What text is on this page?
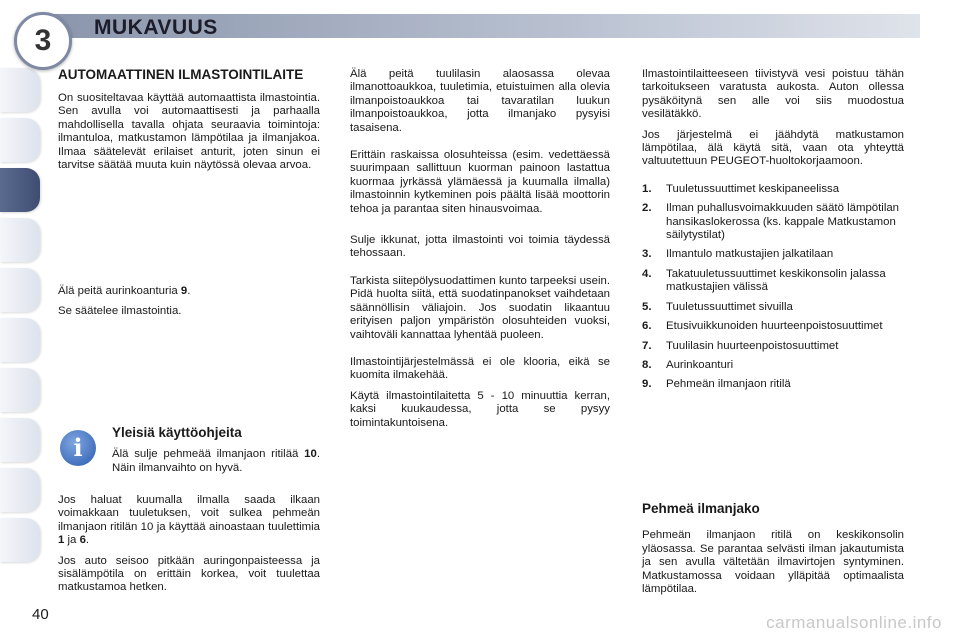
3	MUKAVUUS
AUTOMAATTINEN ILMASTOINTILAITE

On suositeltavaa käyttää automaattista ilmastointia. Sen avulla voi automaattisesti ja parhaalla mahdollisella tavalla ohjata seuraavia toimintoja: ilmantuloa, matkustamon lämpötilaa ja ilmanjakoa. Ilmaa säätelevät erilaiset anturit, joten sinun ei tarvitse säätää muuta kuin näytössä olevaa arvoa.

Älä peitä aurinkoanturia 9.

Se säätelee ilmastointia.

i
Yleisiä käyttöohjeita

Älä sulje pehmeää ilmanjaon ritilää 10. Näin ilmanvaihto on hyvä.

Jos haluat kuumalla ilmalla saada ilkaan voimakkaan tuuletuksen, voit sulkea pehmeän ilmanjaon ritilän 10 ja käyttää ainoastaan tuulettimia 1 ja 6.

Jos auto seisoo pitkään auringonpaisteessa ja sisälämpötila on erittäin korkea, voit tuulettaa matkustamoa hetken.

Älä peitä tuulilasin alaosassa olevaa ilmanottoaukkoa, tuuletimia, etuistuimen alla olevia ilmanpoistoaukkoa tai tavaratilan luukun ilmanpoistoaukkoa, jotta ilmanjako pysyisi tasaisena.

Erittäin raskaissa olosuhteissa (esim. vedettäessä suurimpaan sallittuun kuorman painoon lastattua kuormaa jyrkässä ylämäessä ja kuumalla ilmalla) ilmastoinnin kytkeminen pois päältä lisää moottorin tehoa ja parantaa siten hinausvoimaa.

Sulje ikkunat, jotta ilmastointi voi toimia täydessä tehossaan.

Tarkista siitepölysuodattimen kunto tarpeeksi usein. Pidä huolta siitä, että suodatinpanokset vaihdetaan säännöllisin väliajoin. Jos suodatin likaantuu erityisen paljon ympäristön olosuhteiden vuoksi, vaihtoväli kannattaa lyhentää puoleen.

Ilmastointijärjestelmässä ei ole klooria, eikä se kuomita ilmakehää.

Käytä ilmastointilaitetta 5 - 10 minuuttia kerran, kaksi kuukaudessa, jotta se pysyy toimintakuntoisena.

Ilmastointilaitteeseen tiivistyvä vesi poistuu tähän tarkoitukseen varatusta aukosta. Auton ollessa pysäköitynä sen alle voi siis muodostua vesilätäkkö.

Jos järjestelmä ei jäähdytä matkustamon lämpötilaa, älä käytä sitä, vaan ota yhteyttä valtuutettuun PEUGEOT-huoltokorjaamoon.

1. Tuuletussuuttimet keskipaneelissa
2. Ilman puhallusvoimakkuuden säätö lämpötilan hansikaslokerossa (ks. kappale Matkustamon säilytystilat)
3. Ilmantulo matkustajien jalkatilaan
4. Takatuuletussuuttimet keskikonsolin jalassa matkustajien välissä
5. Tuuletussuuttimet sivuilla
6. Etusivuikkunoiden huurteenpoistosuuttimet
7. Tuulilasin huurteenpoistosuuttimet
8. Aurinkoanturi
9. Pehmeän ilmanjaon ritilä
Pehmeä ilmanjako

Pehmeän ilmanjaon ritilä on keskikonsolin yläosassa. Se parantaa selvästi ilman jakautumista ja sen avulla vältetään ilmavirtojen syntyminen. Matkustamossa voidaan ylläpitää optimaalista lämpötilaa.

40	carmanualsonline.info
